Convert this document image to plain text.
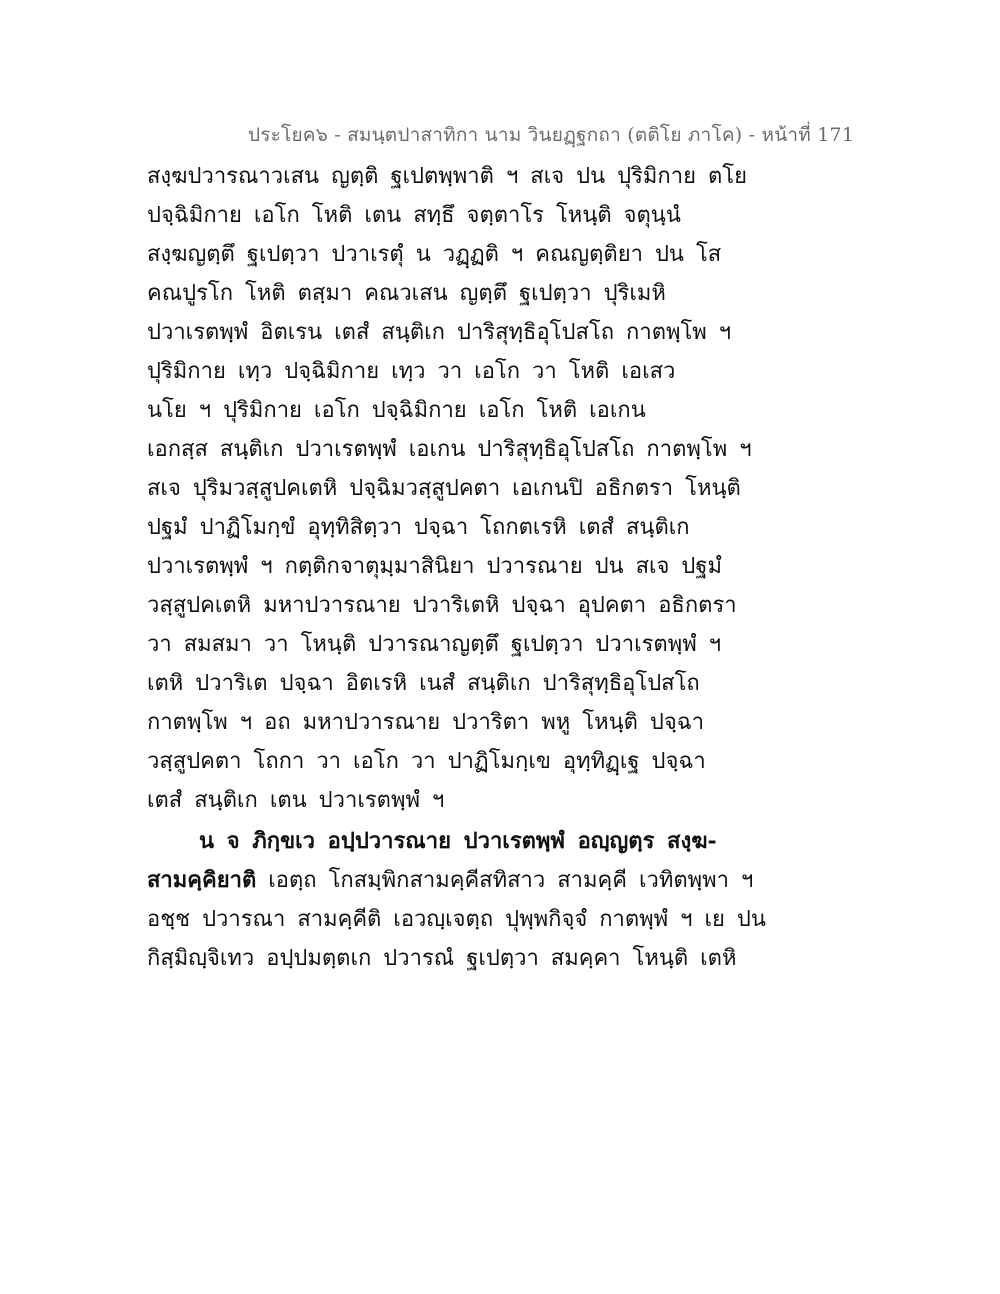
ประโยค๖ - สมนฺตปาสาทิกา นาม วินยฏฺฐกถา (ตติโย ภาโค) - หน้าที่ 171
สงฺฆปวารณาวเสน ญตฺติ ฐเปตพฺพาติ ฯ สเจ ปน ปุริมิกาย ตโย
ปจฺฉิมิกาย เอโก โหติ เตน สทฺธึ จตฺตาโร โหนฺติ จตุนฺนํ
สงฺฆญตฺตึ ฐเปตฺวา ปวาเรตุํ น วฏฺฏติ ฯ คณญตฺติยา ปน โส
คณปูรโก โหติ ตสฺมา คณวเสน ญตฺตึ ฐเปตฺวา ปุริเมหิ
ปวาเรตพฺพํ อิตเรน เตสํ สนฺติเก ปาริสุทฺธิอุโปสโถ กาตพฺโพ ฯ
ปุริมิกาย เทฺว ปจฺฉิมิกาย เทฺว วา เอโก วา โหติ เอเสว
นโย ฯ ปุริมิกาย เอโก ปจฺฉิมิกาย เอโก โหติ เอเกน
เอกสฺส สนฺติเก ปวาเรตพฺพํ เอเกน ปาริสุทฺธิอุโปสโถ กาตพฺโพ ฯ
สเจ ปุริมวสฺสูปคเตหิ ปจฺฉิมวสฺสูปคตา เอเกนปิ อธิกตรา โหนฺติ
ปฐมํ ปาฏิโมกฺขํ อุทฺทิสิตฺวา ปจฺฉา โถกตเรหิ เตสํ สนฺติเก
ปวาเรตพฺพํ ฯ กตฺติกจาตุมฺมาสินิยา ปวารณาย ปน สเจ ปฐมํ
วสฺสูปคเตหิ มหาปวารณาย ปวาริเตหิ ปจฺฉา อุปคตา อธิกตรา
วา สมสมา วา โหนฺติ ปวารณาญตฺตึ ฐเปตฺวา ปวาเรตพฺพํ ฯ
เตหิ ปวาริเต ปจฺฉา อิตเรหิ เนสํ สนฺติเก ปาริสุทฺธิอุโปสโถ
กาตพฺโพ ฯ อถ มหาปวารณาย ปวาริตา พหู โหนฺติ ปจฺฉา
วสฺสูปคตา โถกา วา เอโก วา ปาฏิโมกฺเข อุทฺทิฏฺเฐ ปจฺฉา
เตสํ สนฺติเก เตน ปวาเรตพฺพํ ฯ
น จ ภิกฺขเว อปฺปวารณาย ปวาเรตพฺพํ อญฺญตฺร สงฺฆ-
สามคฺคิยาติ เอตฺถ โกสมฺพิกสามคฺคีสทิสาว สามคฺคี เวทิตพฺพา ฯ
อชฺช ปวารณา สามคฺคีติ เอวญฺเจตฺถ ปุพฺพกิจฺจํ กาตพฺพํ ฯ เย ปน
กิสฺมิญฺจิเทว อปฺปมตฺตเก ปวารณํ ฐเปตฺวา สมคฺคา โหนฺติ เตหิ
